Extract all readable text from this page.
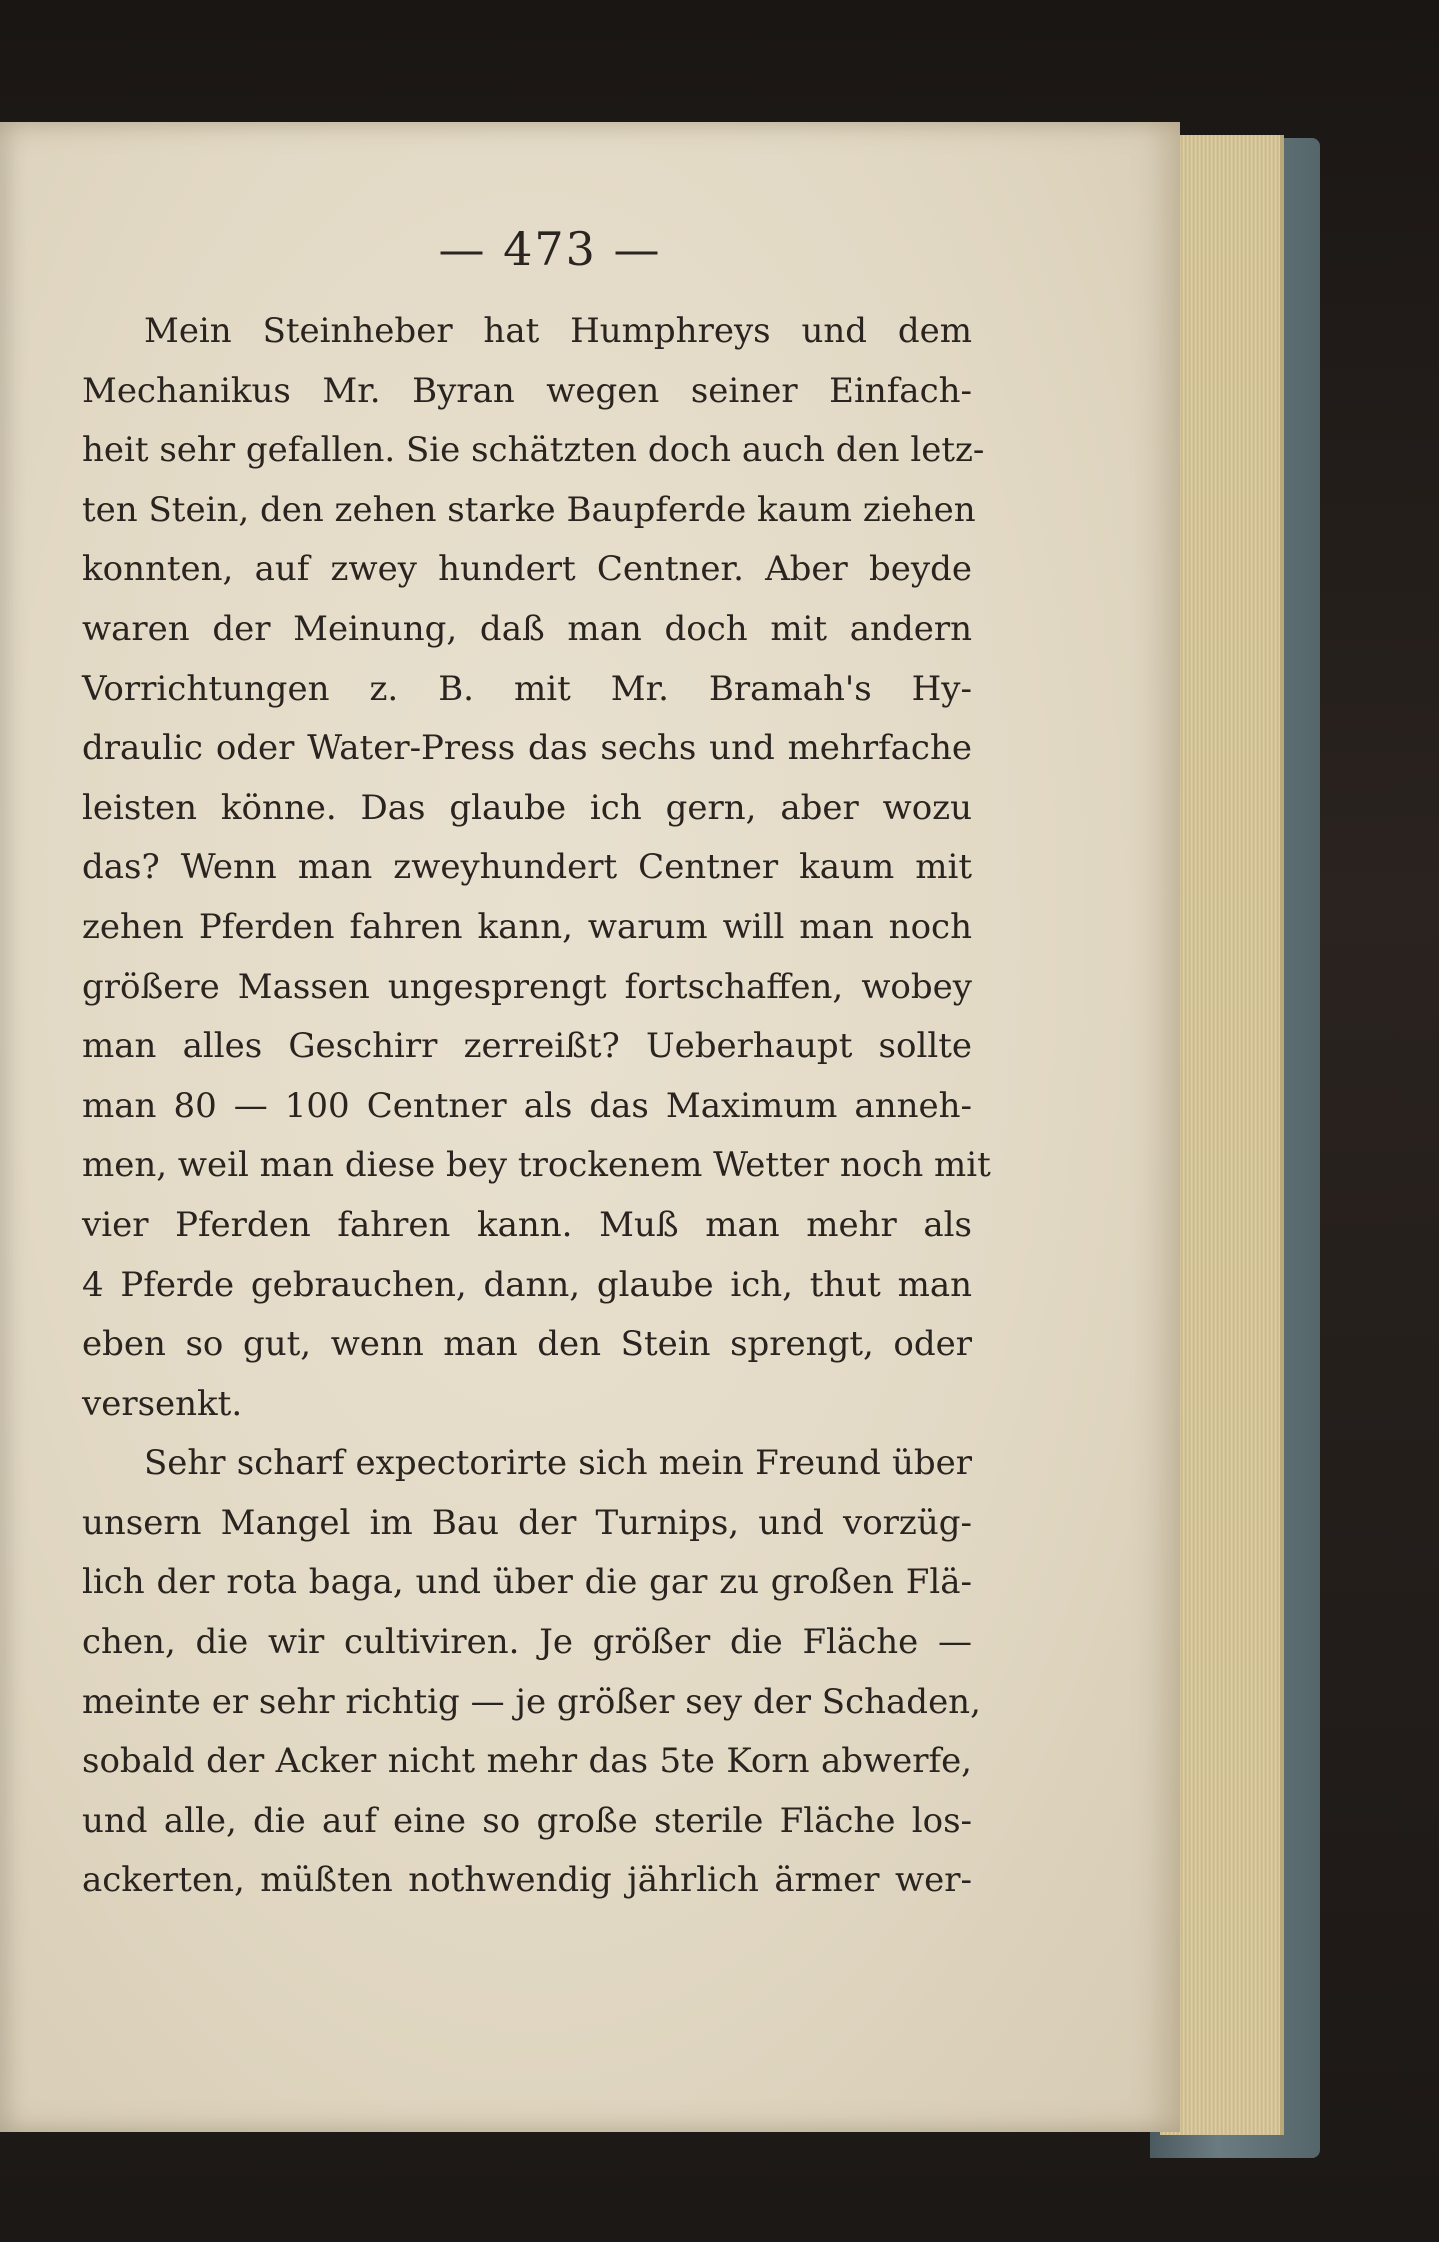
— 473 —
Mein Steinheber hat Humphreys und dem
Mechanikus Mr. Byran wegen seiner Einfach-
heit sehr gefallen. Sie schätzten doch auch den letz-
ten Stein, den zehen starke Baupferde kaum ziehen
konnten, auf zwey hundert Centner. Aber beyde
waren der Meinung, daß man doch mit andern
Vorrichtungen z. B. mit Mr. Bramah's Hy-
draulic oder Water-Press das sechs und mehrfache
leisten könne. Das glaube ich gern, aber wozu
das? Wenn man zweyhundert Centner kaum mit
zehen Pferden fahren kann, warum will man noch
größere Massen ungesprengt fortschaffen, wobey
man alles Geschirr zerreißt? Ueberhaupt sollte
man 80 — 100 Centner als das Maximum anneh-
men, weil man diese bey trockenem Wetter noch mit
vier Pferden fahren kann. Muß man mehr als
4 Pferde gebrauchen, dann, glaube ich, thut man
eben so gut, wenn man den Stein sprengt, oder
versenkt.
Sehr scharf expectorirte sich mein Freund über
unsern Mangel im Bau der Turnips, und vorzüg-
lich der rota baga, und über die gar zu großen Flä-
chen, die wir cultiviren. Je größer die Fläche —
meinte er sehr richtig — je größer sey der Schaden,
sobald der Acker nicht mehr das 5te Korn abwerfe,
und alle, die auf eine so große sterile Fläche los-
ackerten, müßten nothwendig jährlich ärmer wer-
